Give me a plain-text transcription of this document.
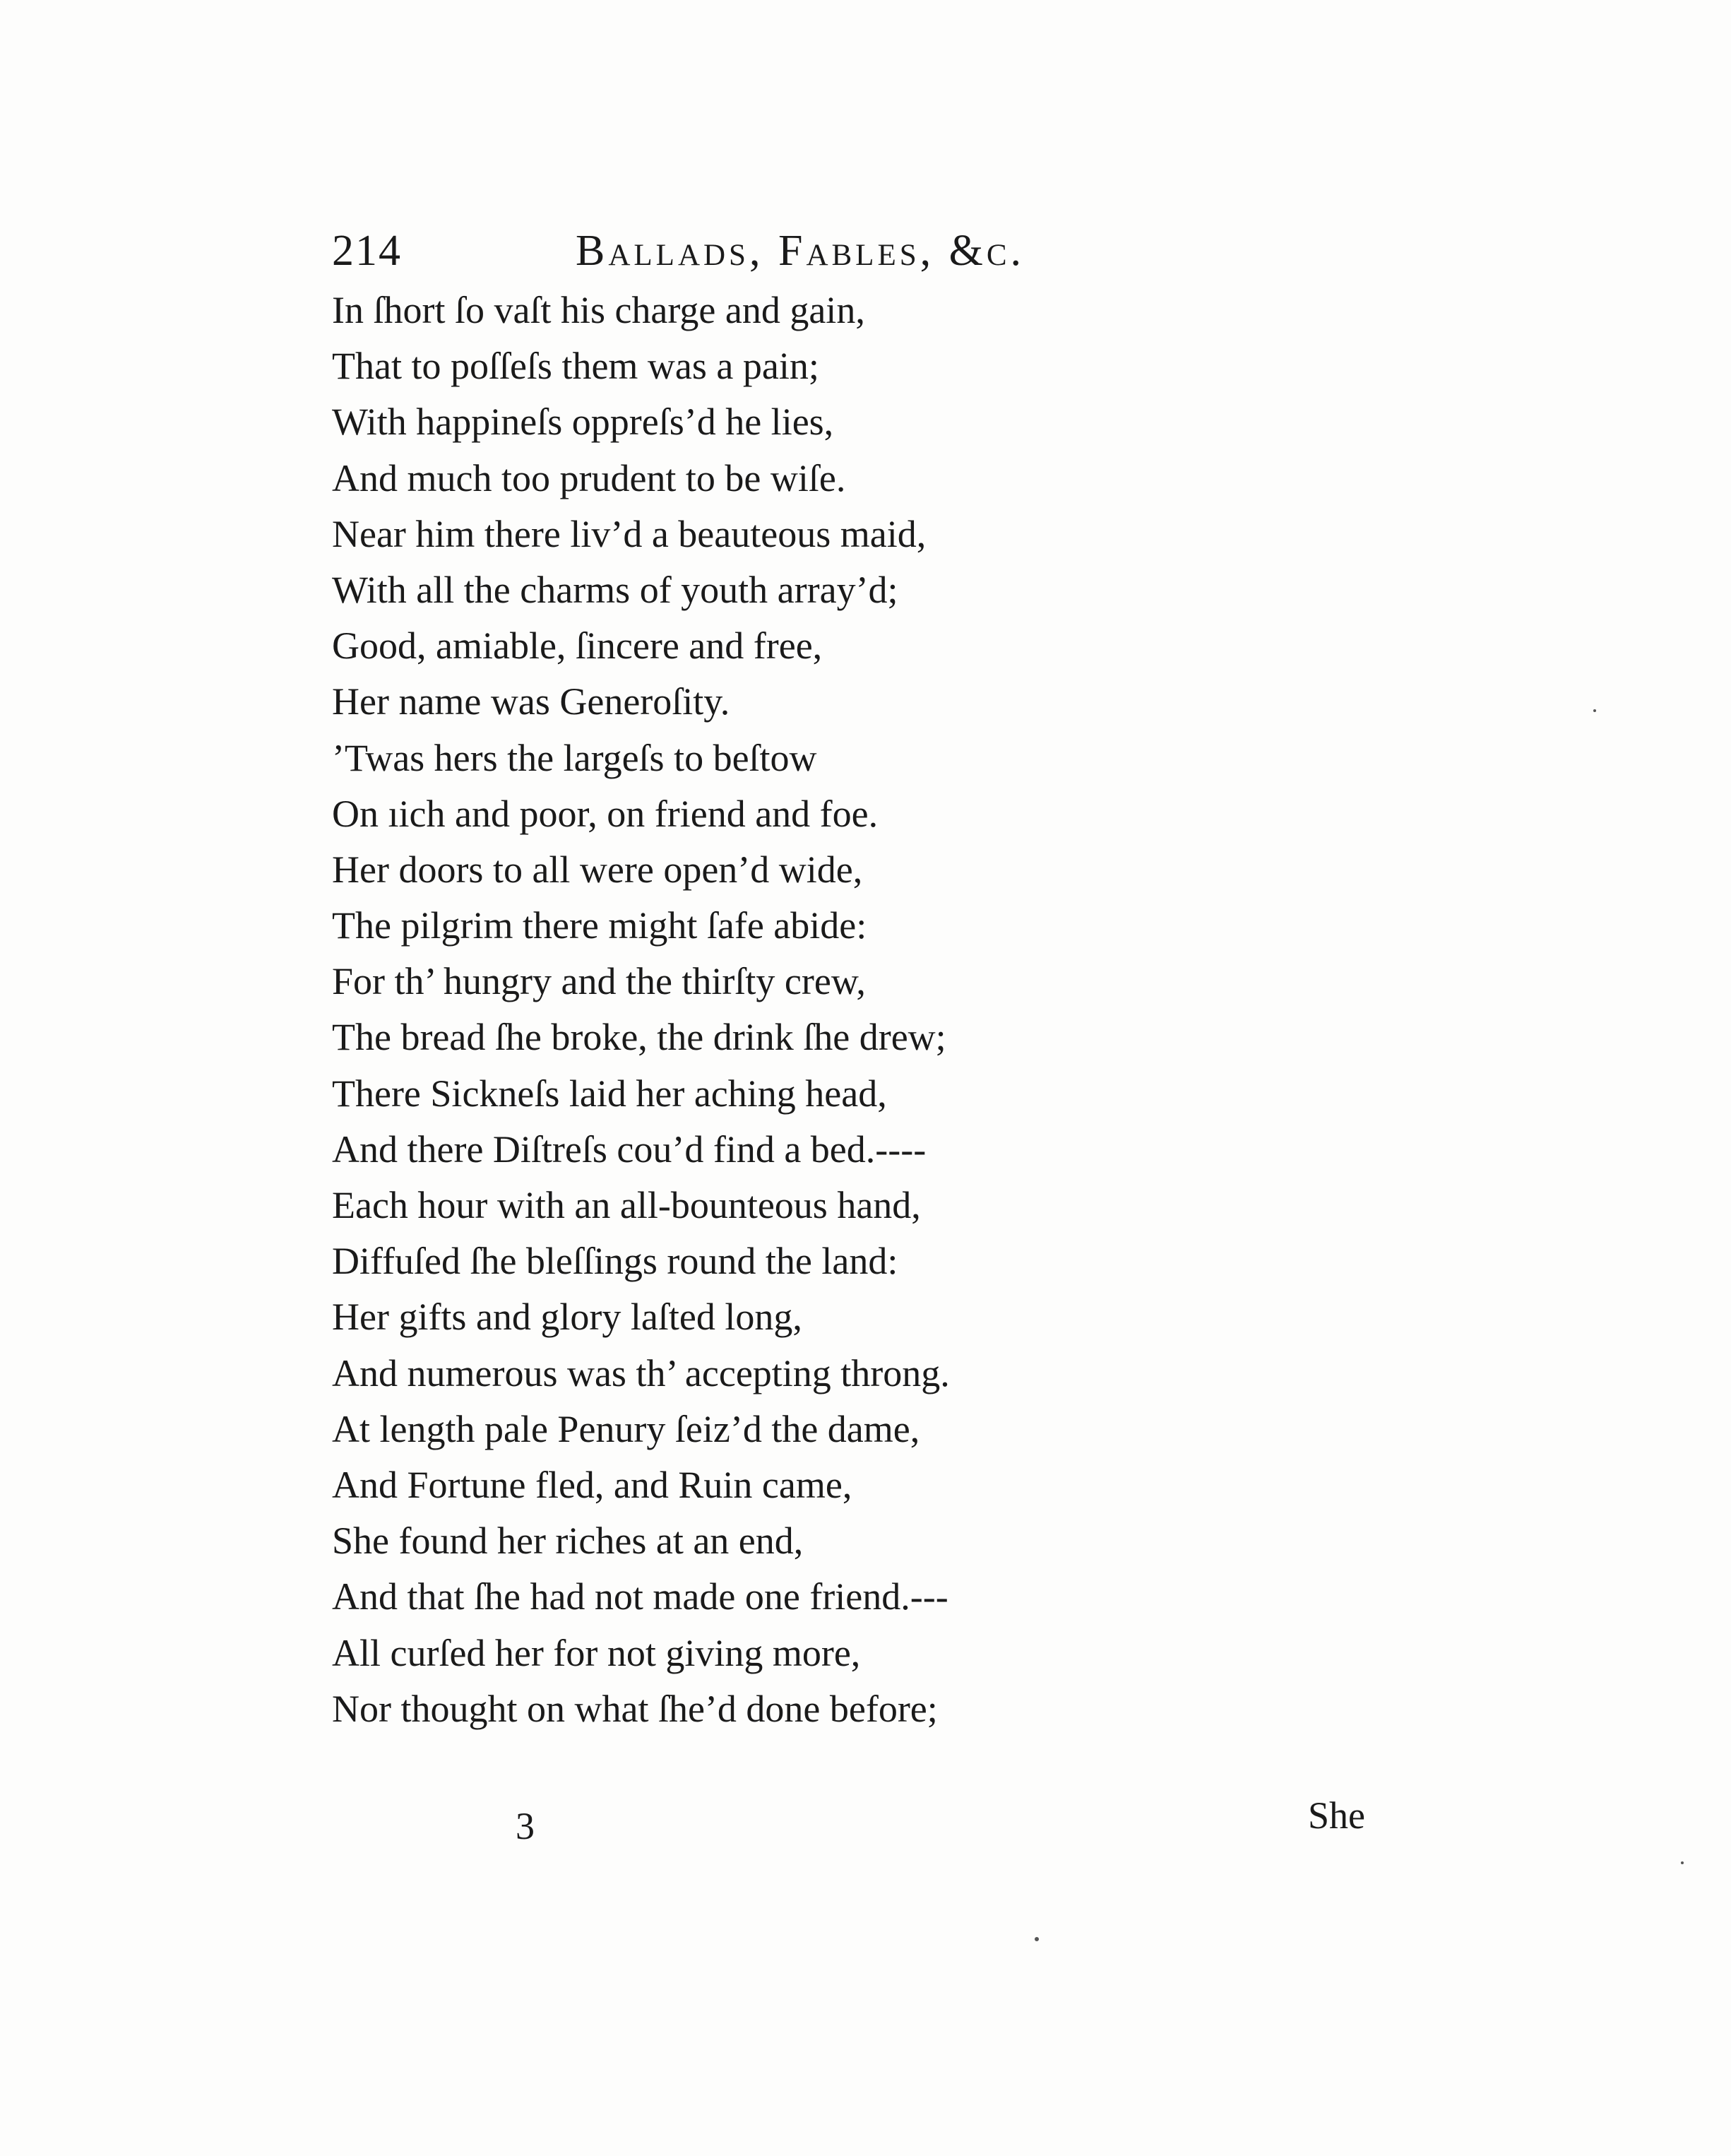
214	Ballads, Fables, &c.
In ſhort ſo vaſt his charge and gain,
That to poſſeſs them was a pain;
With happineſs oppreſs’d he lies,
And much too prudent to be wiſe.
Near him there liv’d a beauteous maid,
With all the charms of youth array’d;
Good, amiable, ſincere and free,
Her name was Generoſity.
’Twas hers the largeſs to beſtow
On ıich and poor, on friend and foe.
Her doors to all were open’d wide,
The pilgrim there might ſafe abide:
For th’ hungry and the thirſty crew,
The bread ſhe broke, the drink ſhe drew;
There Sickneſs laid her aching head,
And there Diſtreſs cou’d find a bed.----
Each hour with an all-bounteous hand,
Diffuſed ſhe bleſſings round the land:
Her gifts and glory laſted long,
And numerous was th’ accepting throng.
At length pale Penury ſeiz’d the dame,
And Fortune fled, and Ruin came,
She found her riches at an end,
And that ſhe had not made one friend.---
All curſed her for not giving more,
Nor thought on what ſhe’d done before;
3	She
